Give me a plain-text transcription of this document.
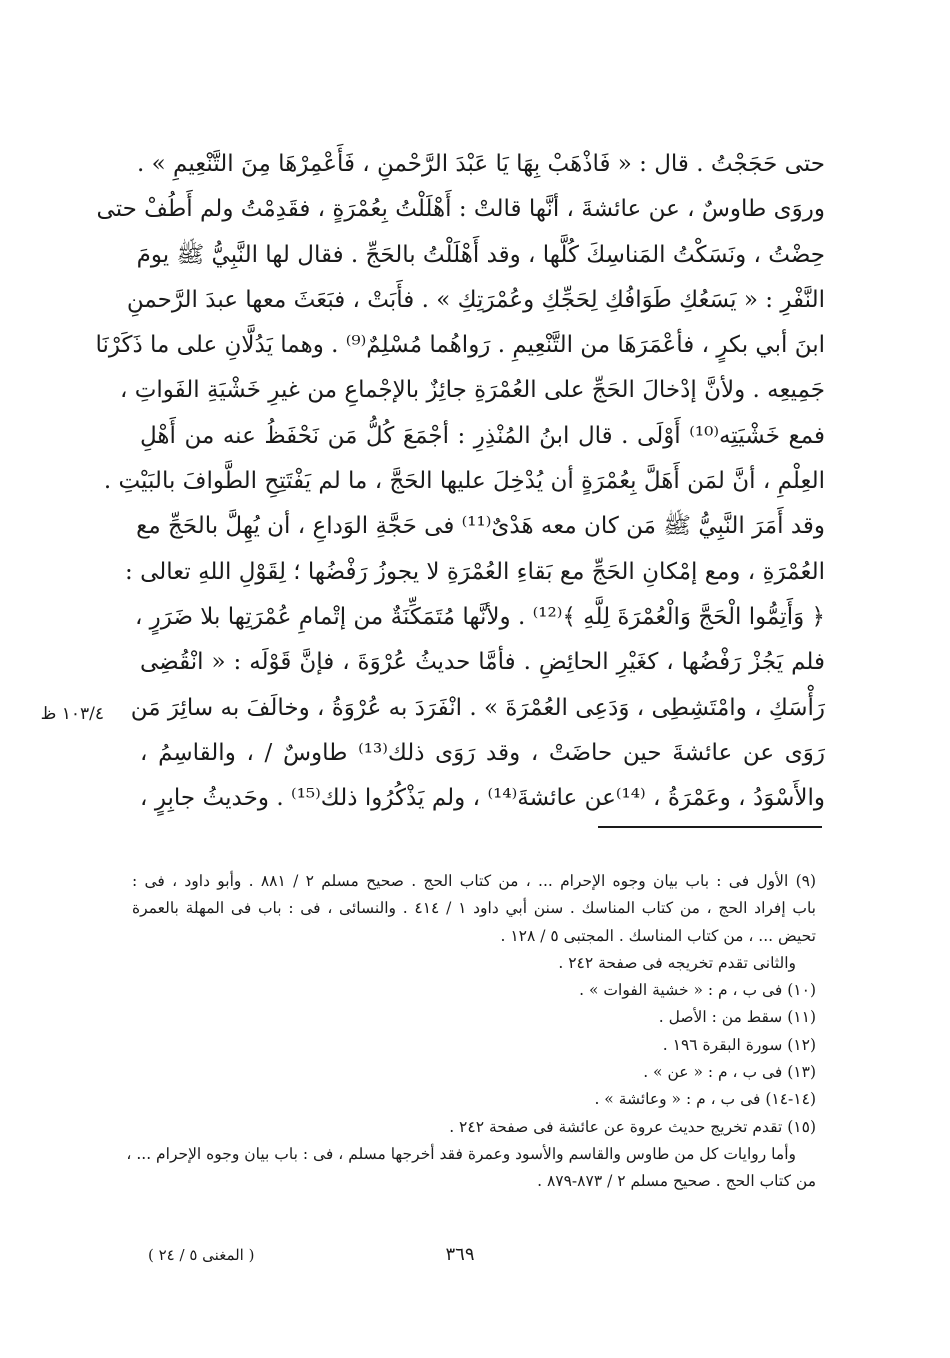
حتى حَجَجْتُ . قال : « فَاذْهَبْ بِهَا يَا عَبْدَ الرَّحْمنِ ، فَأَعْمِرْهَا مِنَ التَّنْعِيمِ » .
وروَى طاوسٌ ، عن عائشةَ ، أنَّها قالتْ : أَهْلَلْتُ بِعُمْرَةٍ ، فقَدِمْتُ ولم أَطُفْ حتى
حِضْتُ ، ونَسَكْتُ المَناسِكَ كُلَّها ، وقد أَهْلَلْتُ بالحَجِّ . فقال لها النَّبِيُّ ﷺ يومَ
النَّفْرِ : « يَسَعُكِ طَوَافُكِ لِحَجِّكِ وعُمْرَتِكِ » . فأَبَتْ ، فبَعَثَ معها عبدَ الرَّحمنِ
ابنَ أبي بكرٍ ، فأعْمَرَهَا من التَّنْعِيمِ . رَواهُما مُسْلِمٌ⁽⁹⁾ . وهما يَدُلَّانِ على ما ذَكَرْنَا
جَمِيعِه . ولأنَّ إدْخالَ الحَجِّ على العُمْرَةِ جائِزٌ بالإجْماعِ من غيرِ خَشْيَةِ الفَواتِ ،
فمع خَشْيَتِه⁽¹⁰⁾ أَوْلَى . قال ابنُ المُنْذِرِ : أجْمَعَ كُلُّ مَن نَحْفَظُ عنه من أَهْلِ
العِلْمِ ، أنَّ لمَن أَهَلَّ بِعُمْرَةٍ أن يُدْخِلَ عليها الحَجَّ ، ما لم يَفْتَتِحِ الطَّوافَ بالبَيْتِ .
وقد أَمَرَ النَّبِيُّ ﷺ مَن كان معه هَدْىٌ⁽¹¹⁾ فى حَجَّةِ الوَداعِ ، أن يُهِلَّ بالحَجِّ مع
العُمْرَةِ ، ومع إمْكانِ الحَجِّ مع بَقاءِ العُمْرَةِ لا يجوزُ رَفْضُها ؛ لِقَوْلِ اللهِ تعالى :
﴿ وَأَتِمُّوا الْحَجَّ وَالْعُمْرَةَ لِلَّهِ ﴾⁽¹²⁾ . ولأنَّها مُتَمَكِّنَةٌ من إتْمامِ عُمْرَتِها بلا ضَرَرٍ ،
فلم يَجُزْ رَفْضُها ، كغَيْرِ الحائِضِ . فأمَّا حديثُ عُرْوَةَ ، فإنَّ قَوْلَه : « انْقُضِى
رَأْسَكِ ، وامْتَشِطِى ، وَدَعِى العُمْرَةَ » . انْفَرَدَ به عُرْوَةُ ، وخالَفَ به سائِرَ مَن
رَوَى عن عائشةَ حين حاضَتْ ، وقد رَوَى ذلك⁽¹³⁾ طاوسٌ / ، والقاسِمُ ،
والأَسْوَدُ ، وعَمْرَةُ ، ⁽¹⁴⁾عن عائشةَ⁽¹⁴⁾ ، ولم يَذْكُرُوا ذلك⁽¹⁵⁾ . وحَديثُ جابِرٍ ،
١٠٣/٤ ظ
(٩) الأول فى : باب بيان وجوه الإحرام ... ، من كتاب الحج . صحيح مسلم ٢ / ٨٨١ . وأبو داود ، فى :
باب إفراد الحج ، من كتاب المناسك . سنن أبي داود ١ / ٤١٤ . والنسائى ، فى : باب فى المهلة بالعمرة
تحيض ... ، من كتاب المناسك . المجتبى ٥ / ١٢٨ .
والثانى تقدم تخريجه فى صفحة ٢٤٢ .
(١٠) فى ب ، م : « خشية الفوات » .
(١١) سقط من : الأصل .
(١٢) سورة البقرة ١٩٦ .
(١٣) فى ب ، م : « عن » .
(١٤-١٤) فى ب ، م : « وعائشة » .
(١٥) تقدم تخريج حديث عروة عن عائشة فى صفحة ٢٤٢ .
وأما روايات كل من طاوس والقاسم والأسود وعمرة فقد أخرجها مسلم ، فى : باب بيان وجوه الإحرام ... ،
من كتاب الحج . صحيح مسلم ٢ / ٨٧٣-٨٧٩ .
٣٦٩
( المغنى ٥ / ٢٤ )
